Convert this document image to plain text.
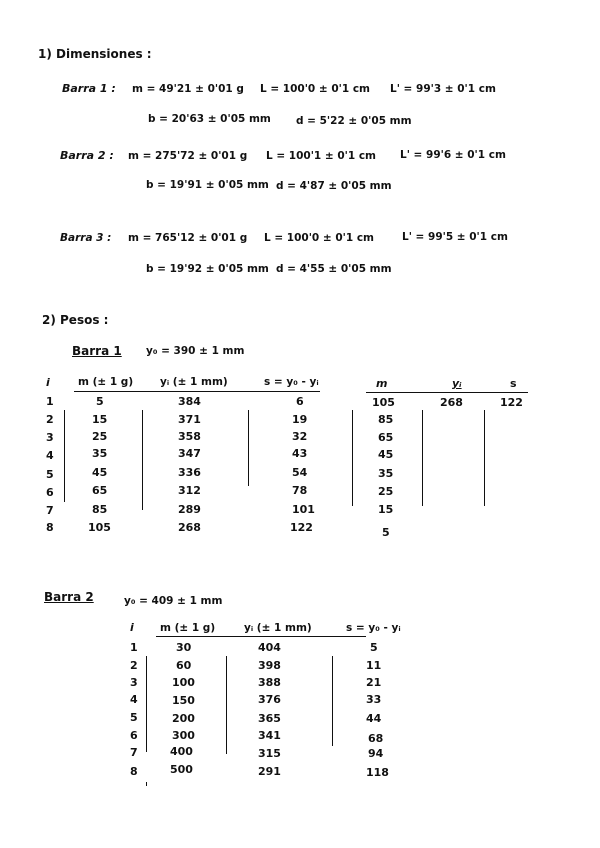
1) Dimensiones :
Barra 1 : m = 49'21 ± 0'01 g L = 100'0 ± 0'1 cm L' = 99'3 ± 0'1 cm
b = 20'63 ± 0'05 mm d = 5'22 ± 0'05 mm
Barra 2 : m = 275'72 ± 0'01 g L = 100'1 ± 0'1 cm L' = 99'6 ± 0'1 cm
b = 19'91 ± 0'05 mm d = 4'87 ± 0'05 mm
Barra 3 : m = 765'12 ± 0'01 g L = 100'0 ± 0'1 cm	L' = 99'5 ± 0'1 cm
b = 19'92 ± 0'05 mm d = 4'55 ± 0'05 mm
2) Pesos :
Barra 1 y₀ = 390 ± 1 mm
i	m (± 1 g)	yᵢ (± 1 mm)	s = y₀ - yᵢ
1	5	384	6
2	15	371	19
3	25	358	32
4	35	347	43
5	45	336	54
6	65	312	78
7	85	289	101
8	105	268	122
m	yᵢ	s
105	268	122
85
65
45
35
25
15
5
Barra 2	y₀ = 409 ± 1 mm
i m (± 1 g)	yᵢ (± 1 mm)	s = y₀ - yᵢ
1	30	404	5
2	60	398	11
3	100	388	21
4	150	376	33
5	200	365	44
6	300	341	68
7	400	315	94
8	500	291	118
